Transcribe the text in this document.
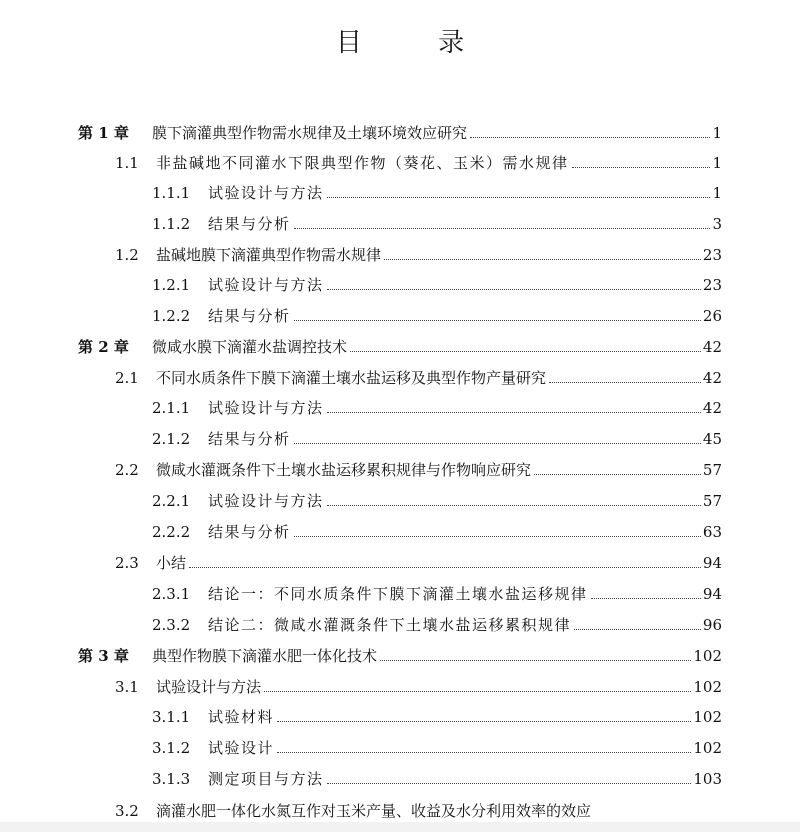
目 录
第 1 章	膜下滴灌典型作物需水规律及土壤环境效应研究	1
1.1	非盐碱地不同灌水下限典型作物（葵花、玉米）需水规律	1
1.1.1	试验设计与方法	1
1.1.2	结果与分析	3
1.2	盐碱地膜下滴灌典型作物需水规律	23
1.2.1	试验设计与方法	23
1.2.2	结果与分析	26
第 2 章	微咸水膜下滴灌水盐调控技术	42
2.1	不同水质条件下膜下滴灌土壤水盐运移及典型作物产量研究	42
2.1.1	试验设计与方法	42
2.1.2	结果与分析	45
2.2	微咸水灌溉条件下土壤水盐运移累积规律与作物响应研究	57
2.2.1	试验设计与方法	57
2.2.2	结果与分析	63
2.3	小结	94
2.3.1	结论一：不同水质条件下膜下滴灌土壤水盐运移规律	94
2.3.2	结论二：微咸水灌溉条件下土壤水盐运移累积规律	96
第 3 章	典型作物膜下滴灌水肥一体化技术	102
3.1	试验设计与方法	102
3.1.1	试验材料	102
3.1.2	试验设计	102
3.1.3	测定项目与方法	103
3.2	滴灌水肥一体化水氮互作对玉米产量、收益及水分利用效率的效应
